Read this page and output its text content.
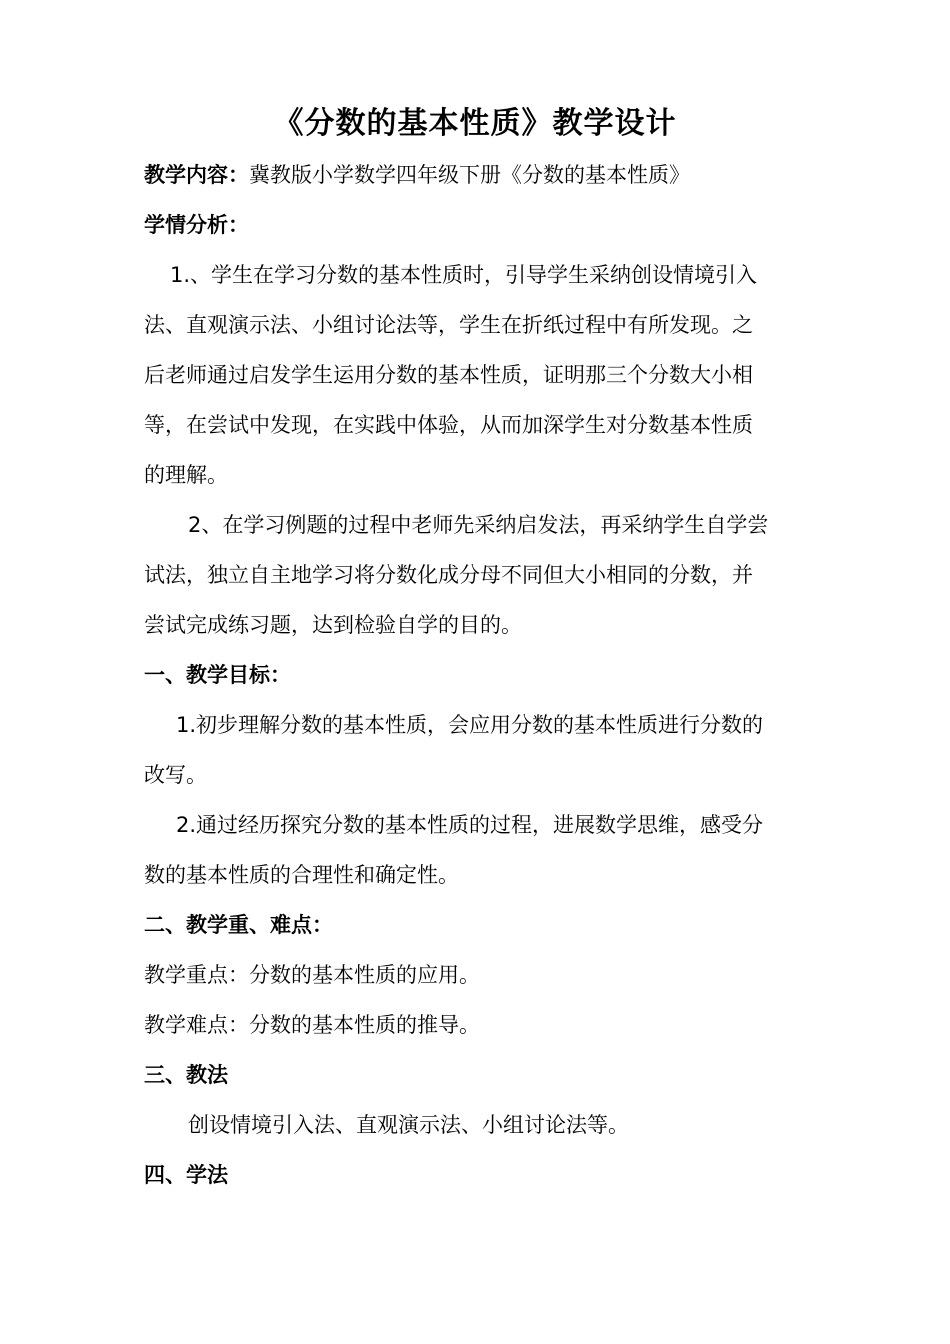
《分数的基本性质》教学设计
教学内容：冀教版小学数学四年级下册《分数的基本性质》
学情分析：
1.、学生在学习分数的基本性质时，引导学生采纳创设情境引入
法、直观演示法、小组讨论法等，学生在折纸过程中有所发现。之
后老师通过启发学生运用分数的基本性质，证明那三个分数大小相
等，在尝试中发现，在实践中体验，从而加深学生对分数基本性质
的理解。
2、在学习例题的过程中老师先采纳启发法，再采纳学生自学尝
试法，独立自主地学习将分数化成分母不同但大小相同的分数，并
尝试完成练习题，达到检验自学的目的。
一、教学目标：
1.初步理解分数的基本性质，会应用分数的基本性质进行分数的
改写。
2.通过经历探究分数的基本性质的过程，进展数学思维，感受分
数的基本性质的合理性和确定性。
二、教学重、难点：
教学重点：分数的基本性质的应用。
教学难点：分数的基本性质的推导。
三、教法
创设情境引入法、直观演示法、小组讨论法等。
四、学法
